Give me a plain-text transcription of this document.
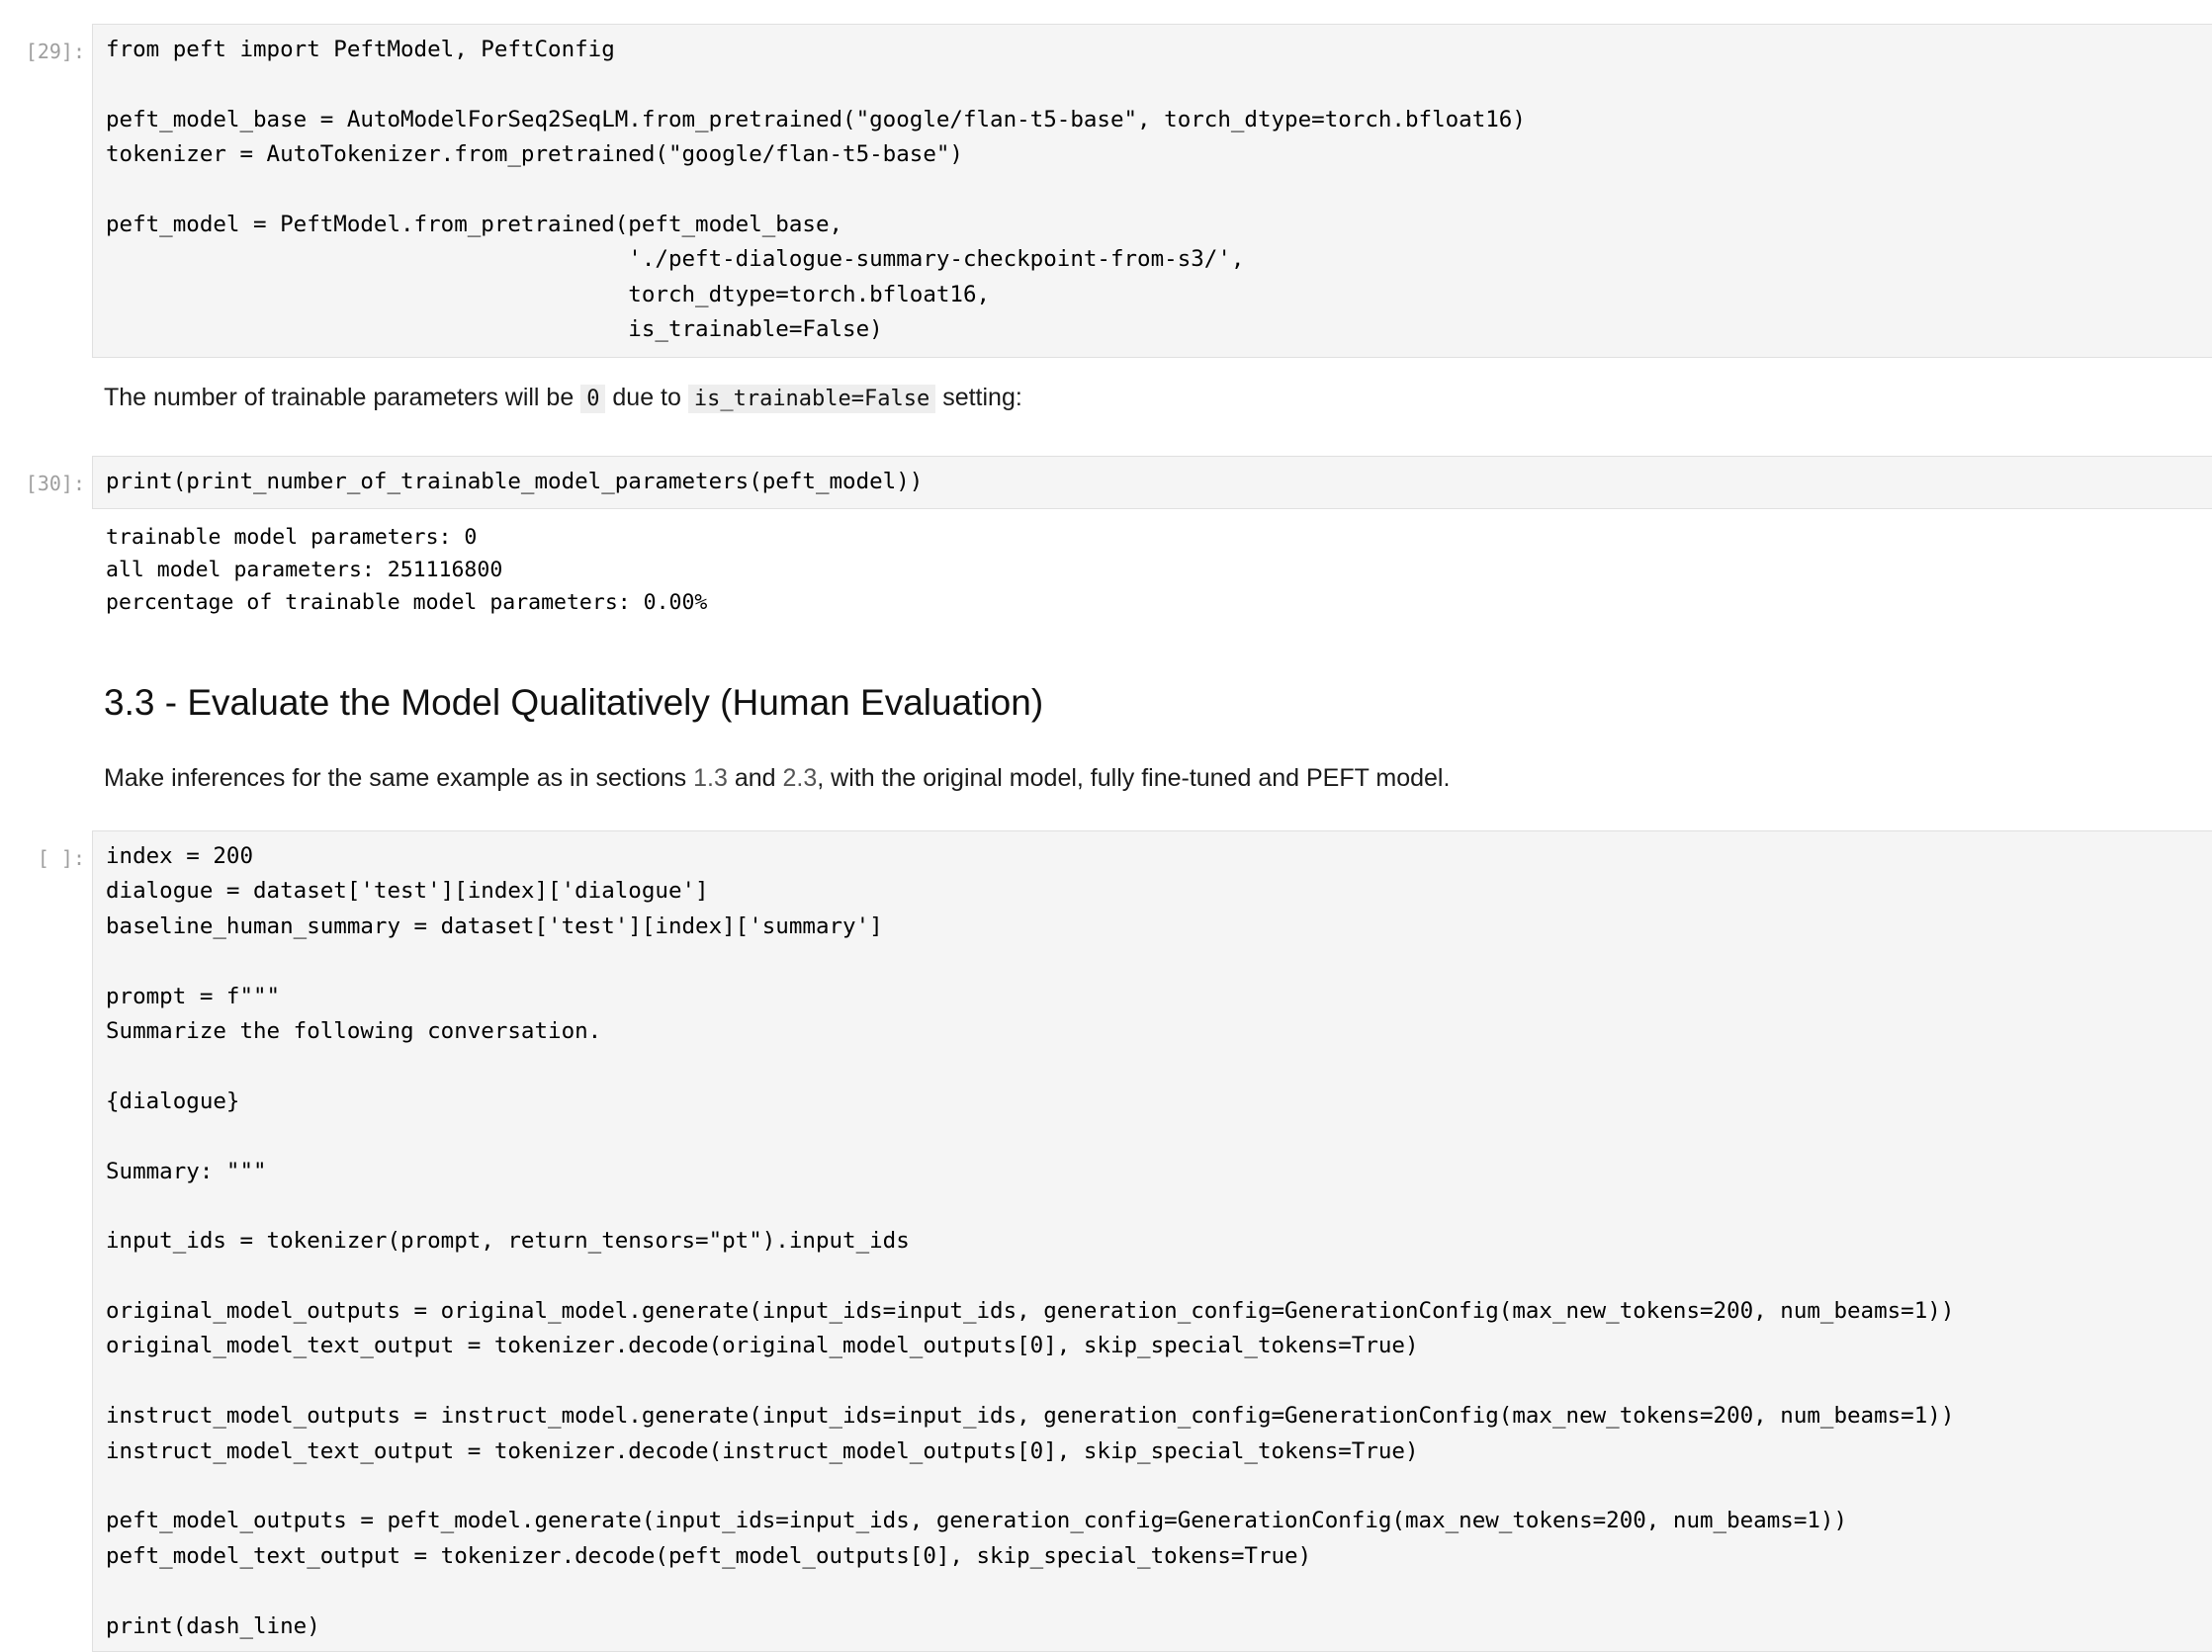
[29]: from peft import PeftModel, PeftConfig
peft_model_base = AutoModelForSeq2SeqLM.from_pretrained("google/flan-t5-base", torch_dtype=torch.bfloat16)
tokenizer = AutoTokenizer.from_pretrained("google/flan-t5-base")
peft_model = PeftModel.from_pretrained(peft_model_base,
'./peft-dialogue-summary-checkpoint-from-s3/',
torch_dtype=torch.bfloat16,
is_trainable=False)
The number of trainable parameters will be 0 due to is_trainable=False setting:
[30]: print(print_number_of_trainable_model_parameters(peft_model))
trainable model parameters: 0
all model parameters: 251116800
percentage of trainable model parameters: 0.00%
3.3 - Evaluate the Model Qualitatively (Human Evaluation)
Make inferences for the same example as in sections 1.3 and 2.3, with the original model, fully fine-tuned and PEFT model.
[ ]: index = 200
dialogue = dataset['test'][index]['dialogue']
baseline_human_summary = dataset['test'][index]['summary']
prompt = f"""
Summarize the following conversation.
{dialogue}
Summary: """
input_ids = tokenizer(prompt, return_tensors="pt").input_ids
original_model_outputs = original_model.generate(input_ids=input_ids, generation_config=GenerationConfig(max_new_tokens=200, num_beams=1))
original_model_text_output = tokenizer.decode(original_model_outputs[0], skip_special_tokens=True)
instruct_model_outputs = instruct_model.generate(input_ids=input_ids, generation_config=GenerationConfig(max_new_tokens=200, num_beams=1))
instruct_model_text_output = tokenizer.decode(instruct_model_outputs[0], skip_special_tokens=True)
peft_model_outputs = peft_model.generate(input_ids=input_ids, generation_config=GenerationConfig(max_new_tokens=200, num_beams=1))
peft_model_text_output = tokenizer.decode(peft_model_outputs[0], skip_special_tokens=True)
print(dash_line)
